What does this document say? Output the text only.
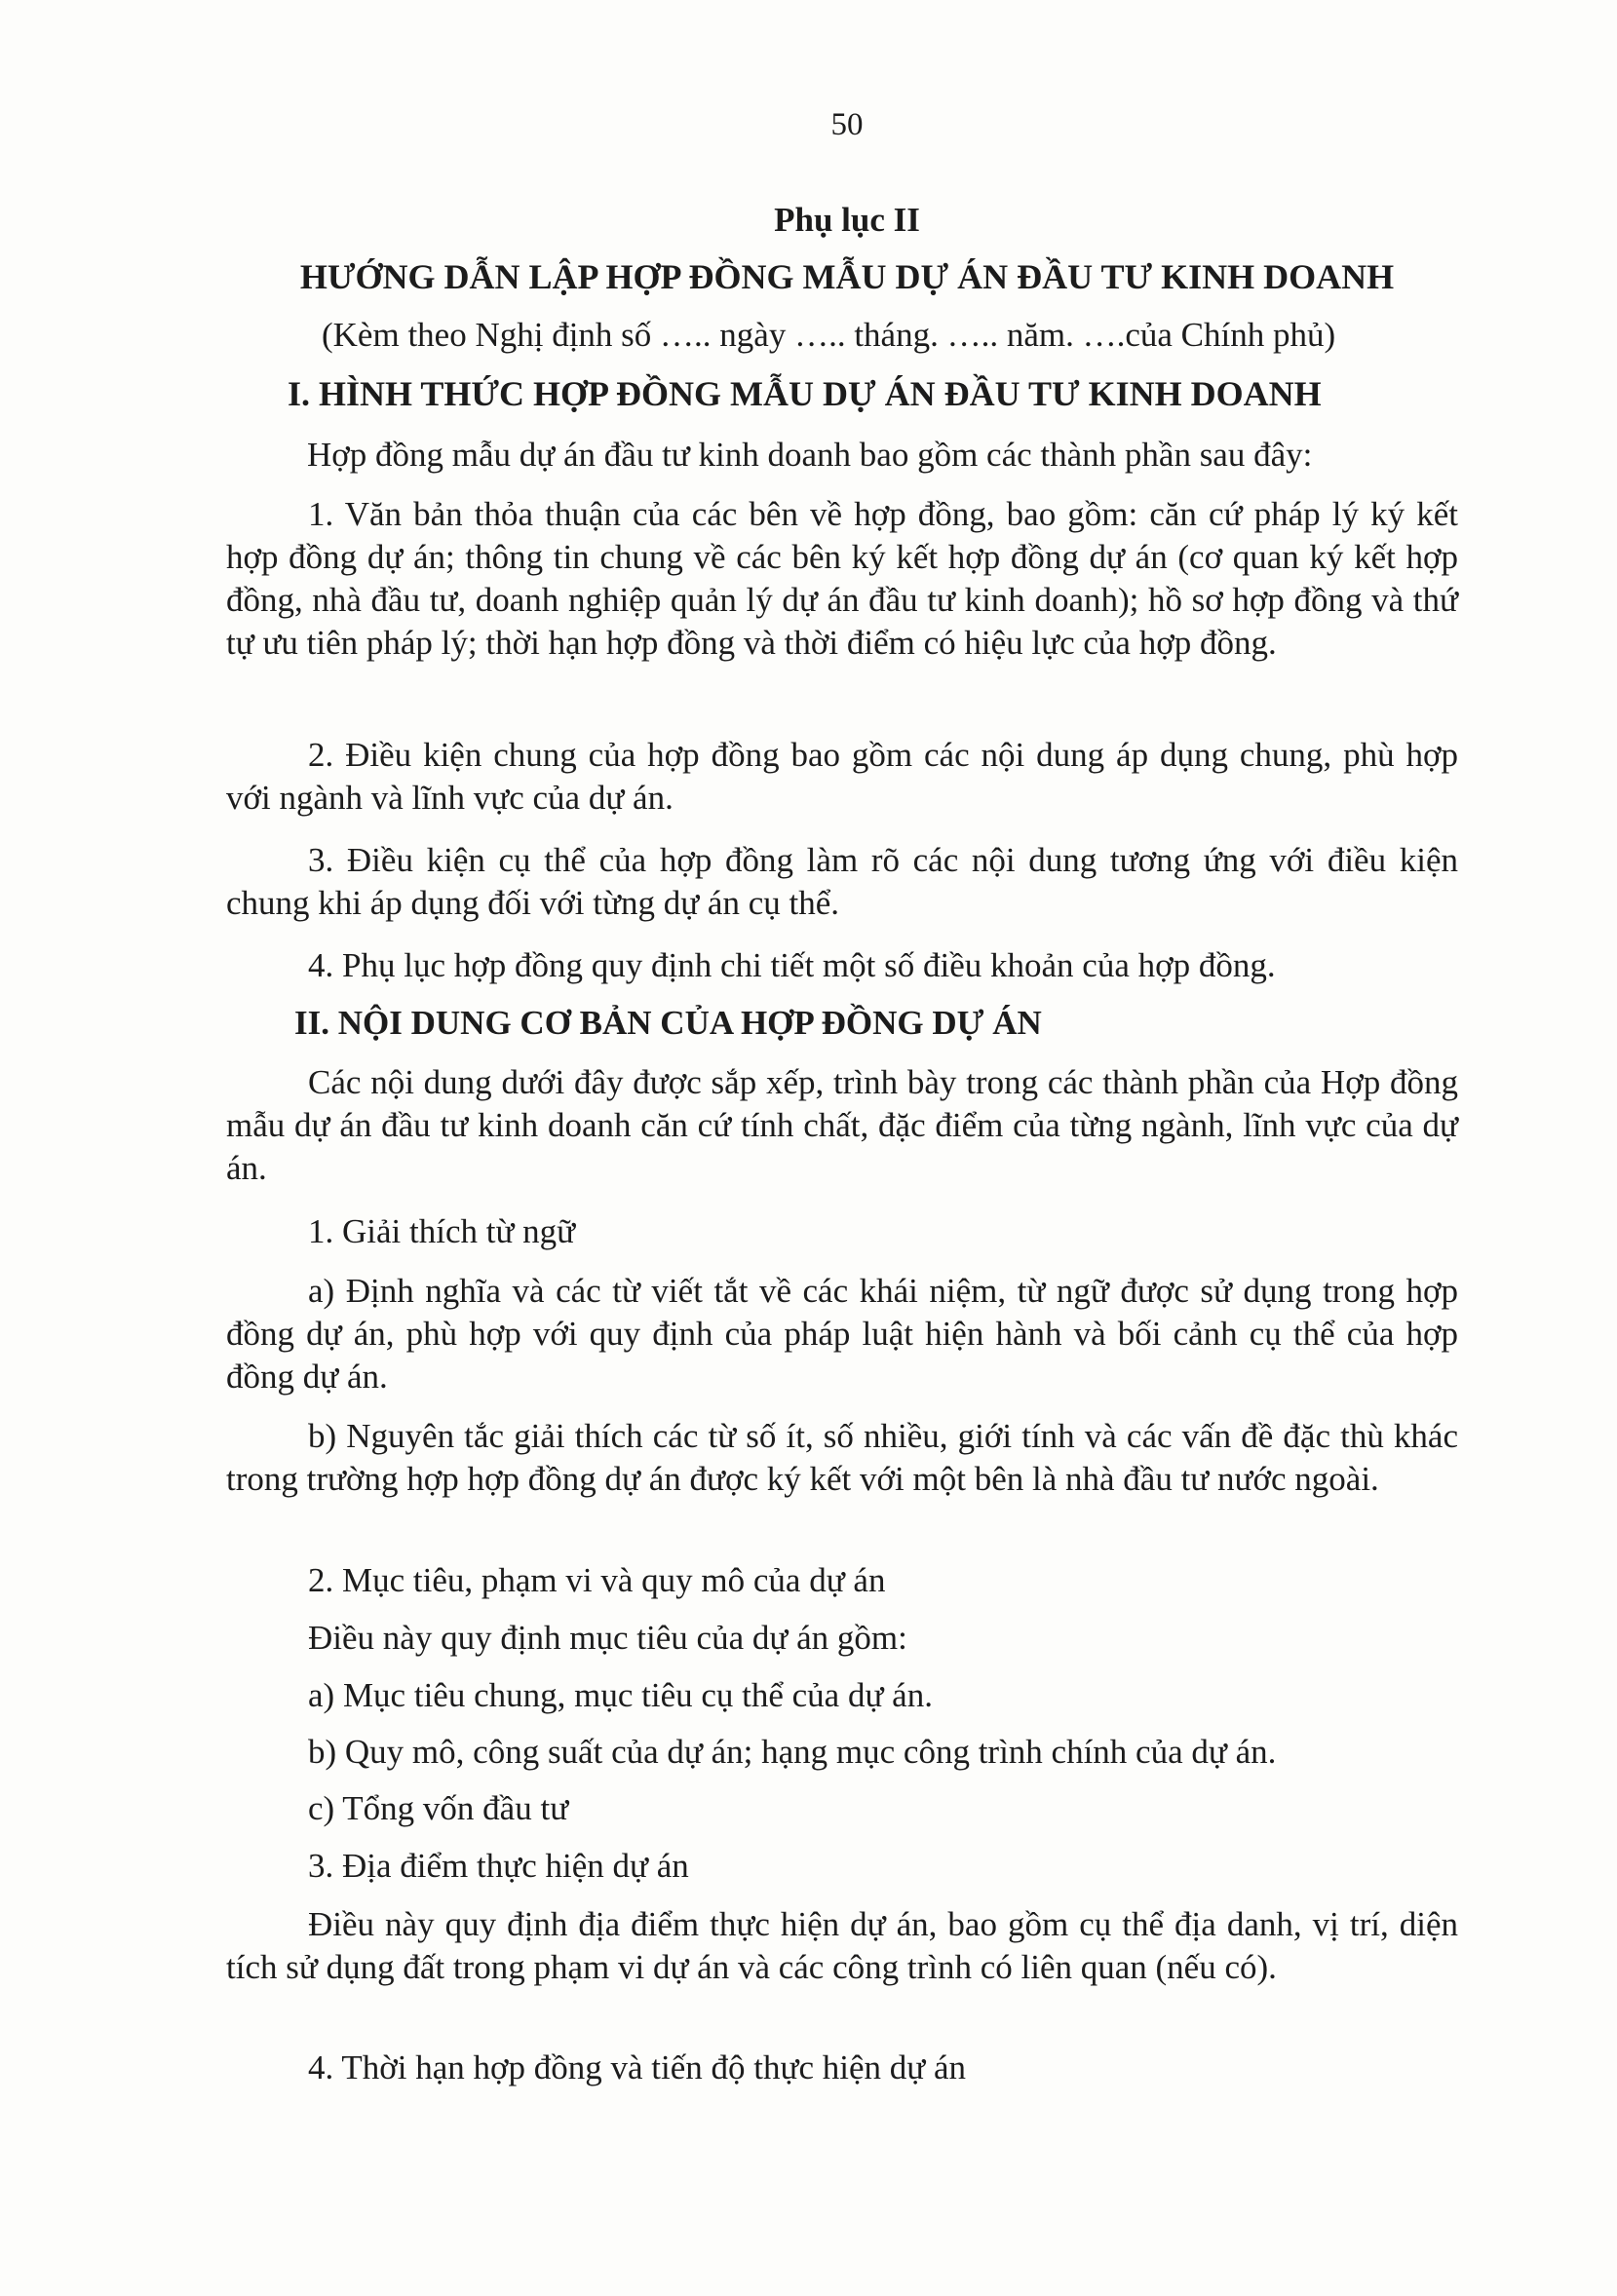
50
Phụ lục II
HƯỚNG DẪN LẬP HỢP ĐỒNG MẪU DỰ ÁN ĐẦU TƯ KINH DOANH
(Kèm theo Nghị định số ….. ngày ….. tháng. ….. năm. ….của Chính phủ)
I. HÌNH THỨC HỢP ĐỒNG MẪU DỰ ÁN ĐẦU TƯ KINH DOANH
Hợp đồng mẫu dự án đầu tư kinh doanh bao gồm các thành phần sau đây:

1. Văn bản thỏa thuận của các bên về hợp đồng, bao gồm: căn cứ pháp lý ký kết hợp đồng dự án; thông tin chung về các bên ký kết hợp đồng dự án (cơ quan ký kết hợp đồng, nhà đầu tư, doanh nghiệp quản lý dự án đầu tư kinh doanh); hồ sơ hợp đồng và thứ tự ưu tiên pháp lý; thời hạn hợp đồng và thời điểm có hiệu lực của hợp đồng.

2. Điều kiện chung của hợp đồng bao gồm các nội dung áp dụng chung, phù hợp với ngành và lĩnh vực của dự án.

3. Điều kiện cụ thể của hợp đồng làm rõ các nội dung tương ứng với điều kiện chung khi áp dụng đối với từng dự án cụ thể.

4. Phụ lục hợp đồng quy định chi tiết một số điều khoản của hợp đồng.
II. NỘI DUNG CƠ BẢN CỦA HỢP ĐỒNG DỰ ÁN

Các nội dung dưới đây được sắp xếp, trình bày trong các thành phần của Hợp đồng mẫu dự án đầu tư kinh doanh căn cứ tính chất, đặc điểm của từng ngành, lĩnh vực của dự án.

1. Giải thích từ ngữ

a) Định nghĩa và các từ viết tắt về các khái niệm, từ ngữ được sử dụng trong hợp đồng dự án, phù hợp với quy định của pháp luật hiện hành và bối cảnh cụ thể của hợp đồng dự án.

b) Nguyên tắc giải thích các từ số ít, số nhiều, giới tính và các vấn đề đặc thù khác trong trường hợp hợp đồng dự án được ký kết với một bên là nhà đầu tư nước ngoài.

2. Mục tiêu, phạm vi và quy mô của dự án
Điều này quy định mục tiêu của dự án gồm:
a) Mục tiêu chung, mục tiêu cụ thể của dự án.
b) Quy mô, công suất của dự án; hạng mục công trình chính của dự án.
c) Tổng vốn đầu tư
3. Địa điểm thực hiện dự án

Điều này quy định địa điểm thực hiện dự án, bao gồm cụ thể địa danh, vị trí, diện tích sử dụng đất trong phạm vi dự án và các công trình có liên quan (nếu có).

4. Thời hạn hợp đồng và tiến độ thực hiện dự án
